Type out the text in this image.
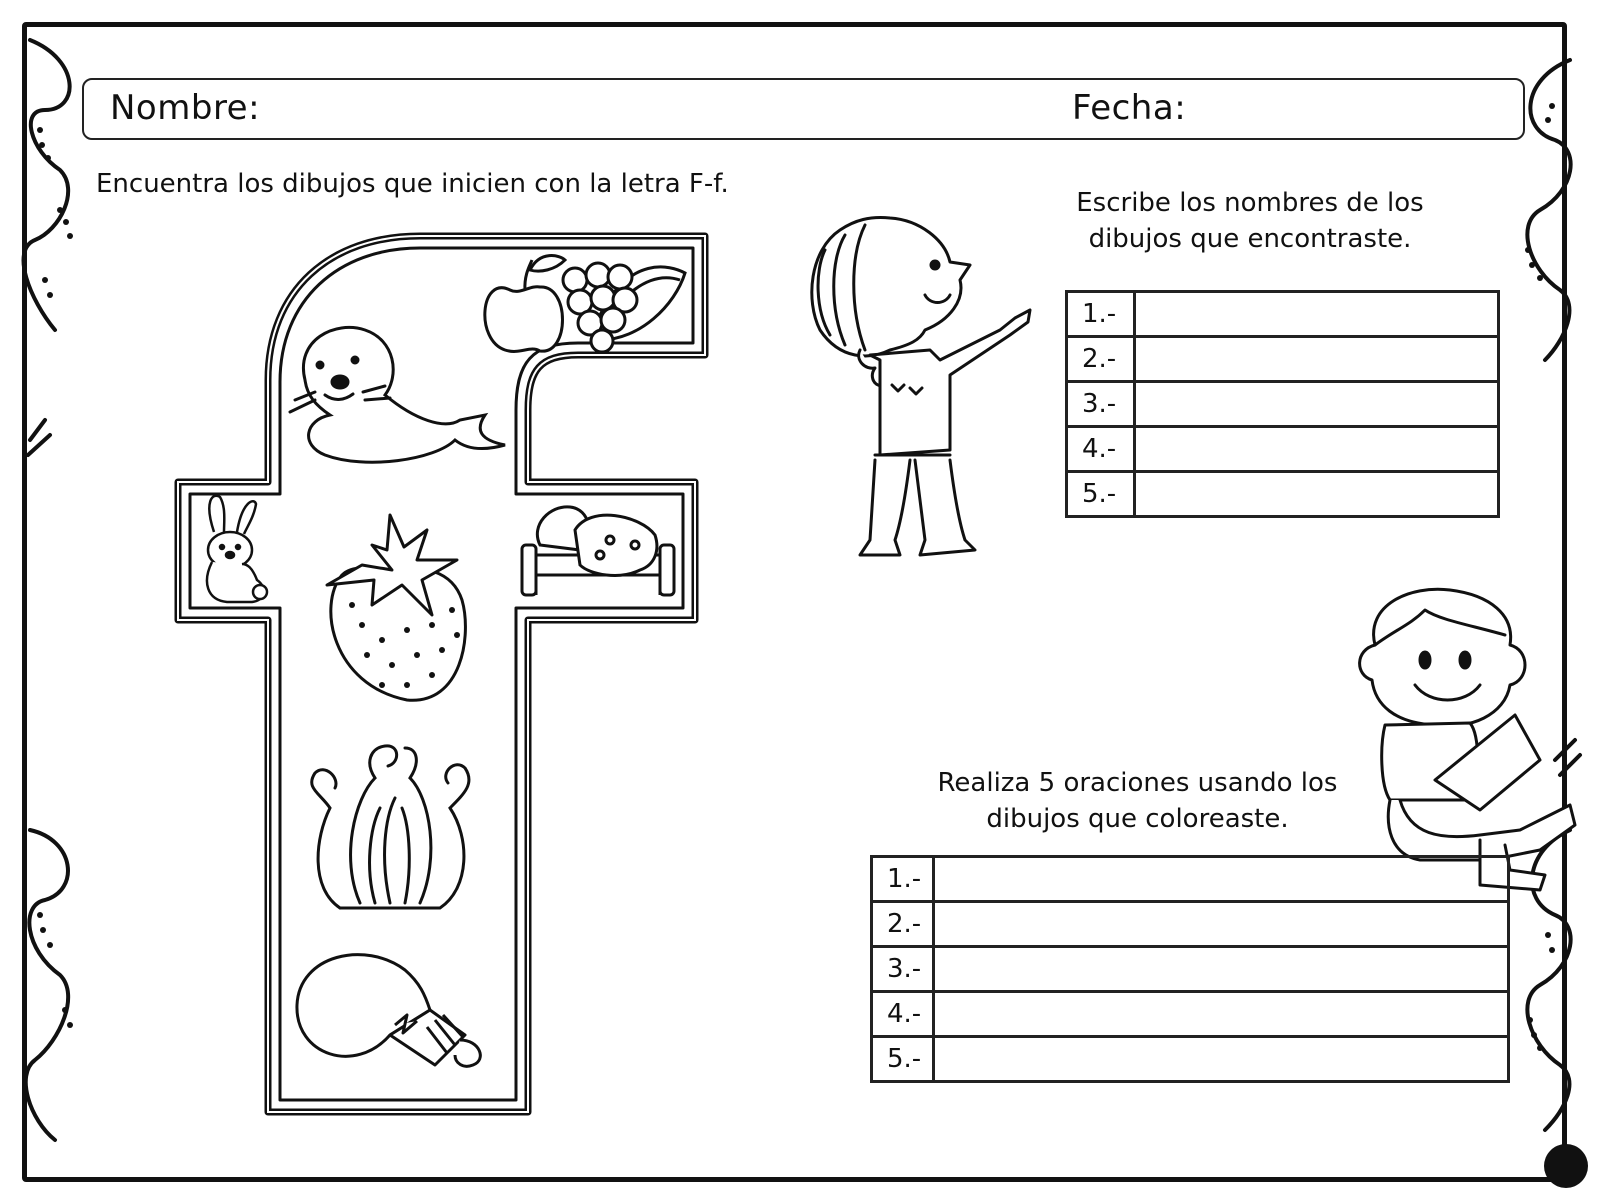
Nombre:	Fecha:
Encuentra los dibujos que inicien con la letra F-f.
Escribe los nombres de los
dibujos que encontraste.
1.-	
2.-	
3.-	
4.-	
5.-	
Realiza 5 oraciones usando los
dibujos que coloreaste.
1.-	
2.-	
3.-	
4.-	
5.-	
